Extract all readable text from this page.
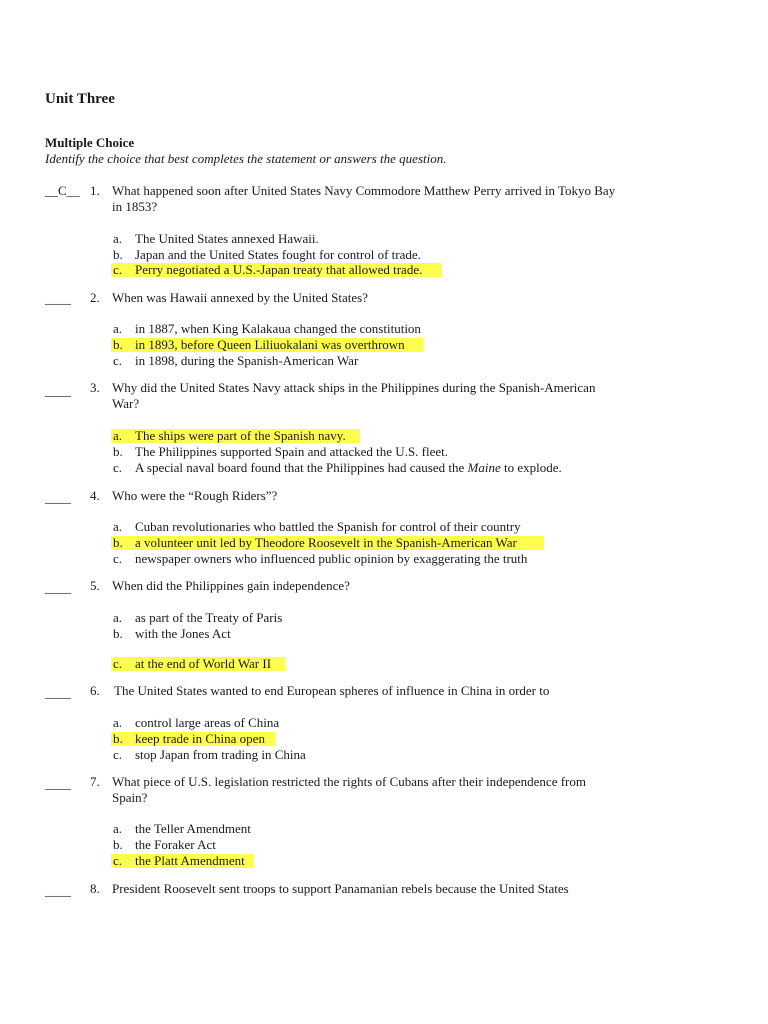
Unit Three
Multiple Choice
Identify the choice that best completes the statement or answers the question.
__C__ 1. What happened soon after United States Navy Commodore Matthew Perry arrived in Tokyo Bay
in 1853?
a. The United States annexed Hawaii.
b. Japan and the United States fought for control of trade.
c. Perry negotiated a U.S.-Japan treaty that allowed trade.
____ 2. When was Hawaii annexed by the United States?
a. in 1887, when King Kalakaua changed the constitution
b. in 1893, before Queen Liliuokalani was overthrown
c. in 1898, during the Spanish-American War
____ 3. Why did the United States Navy attack ships in the Philippines during the Spanish-American
War?
a. The ships were part of the Spanish navy.
b. The Philippines supported Spain and attacked the U.S. fleet.
c. A special naval board found that the Philippines had caused the Maine to explode.
____ 4. Who were the “Rough Riders”?
a. Cuban revolutionaries who battled the Spanish for control of their country
b. a volunteer unit led by Theodore Roosevelt in the Spanish-American War
c. newspaper owners who influenced public opinion by exaggerating the truth
____ 5. When did the Philippines gain independence?
a. as part of the Treaty of Paris
b. with the Jones Act
c. at the end of World War II
____ 6. The United States wanted to end European spheres of influence in China in order to
a. control large areas of China
b. keep trade in China open
c. stop Japan from trading in China
____ 7. What piece of U.S. legislation restricted the rights of Cubans after their independence from
Spain?
a. the Teller Amendment
b. the Foraker Act
c. the Platt Amendment
____ 8. President Roosevelt sent troops to support Panamanian rebels because the United States
